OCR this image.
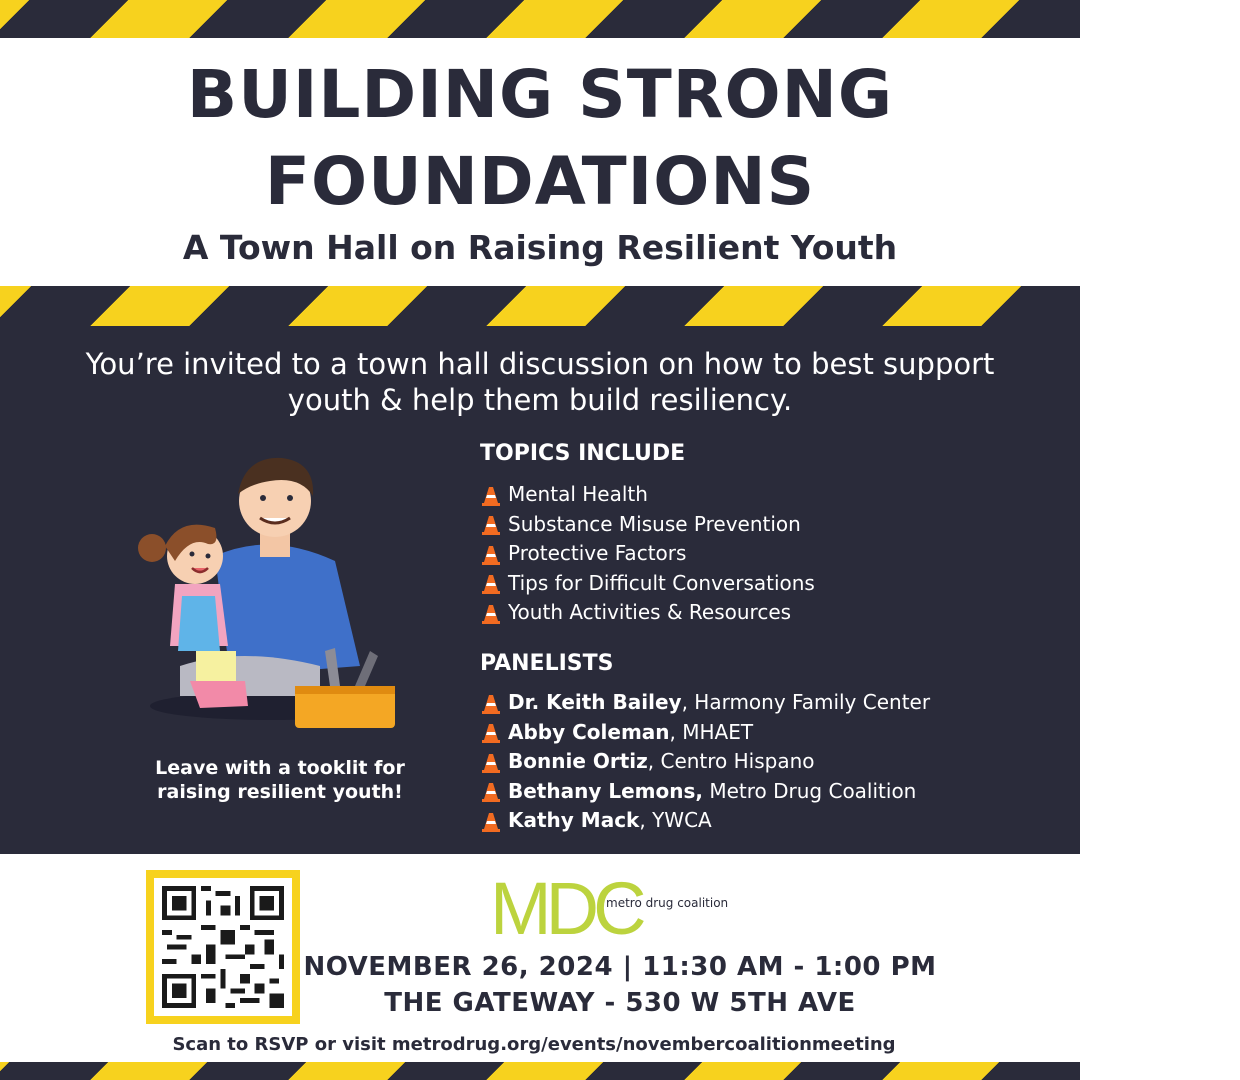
BUILDING STRONG
FOUNDATIONS
A Town Hall on Raising Resilient Youth
You’re invited to a town hall discussion on how to best support youth & help them build resiliency.
Leave with a tooklit for raising resilient youth!
TOPICS INCLUDE
Mental Health
Substance Misuse Prevention
Protective Factors
Tips for Difficult Conversations
Youth Activities & Resources
PANELISTS
Dr. Keith Bailey, Harmony Family Center
Abby Coleman, MHAET
Bonnie Ortiz, Centro Hispano
Bethany Lemons, Metro Drug Coalition
Kathy Mack, YWCA
MDC
metro drug coalition
NOVEMBER 26, 2024 | 11:30 AM - 1:00 PM
THE GATEWAY - 530 W 5TH AVE
Scan to RSVP or visit metrodrug.org/events/novembercoalitionmeeting
